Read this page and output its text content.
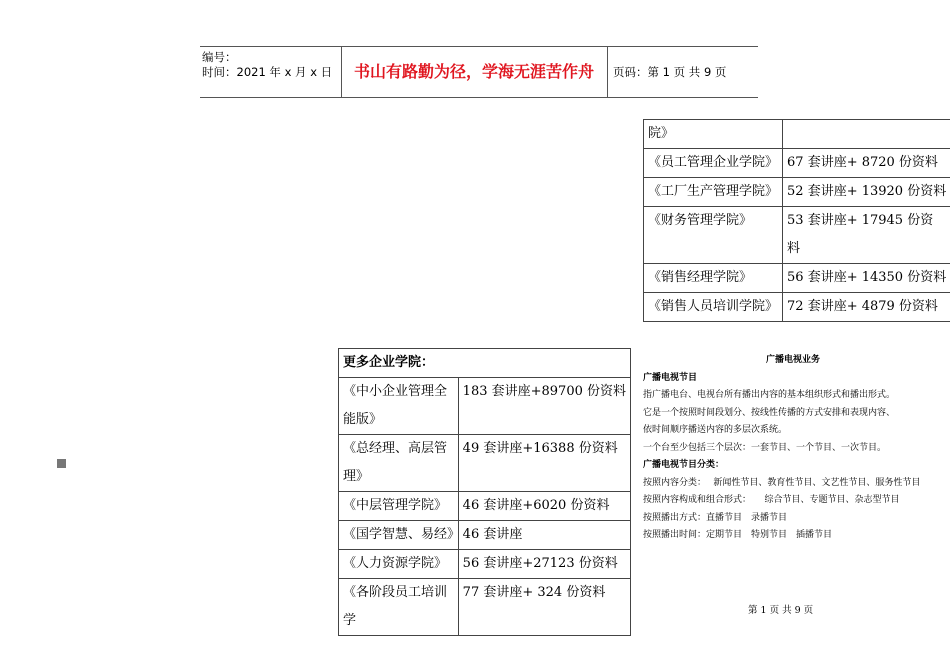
编号：
时间：2021 年 x 月 x 日	书山有路勤为径，学海无涯苦作舟	页码：第 1 页 共 9 页
院》	
《员工管理企业学院》	67 套讲座+ 8720 份资料
《工厂生产管理学院》	52 套讲座+ 13920 份资料
《财务管理学院》	53 套讲座+ 17945 份资
料

《销售经理学院》	56 套讲座+ 14350 份资料
《销售人员培训学院》	72 套讲座+ 4879 份资料
更多企业学院：	
《中小企业管理全能版》	183 套讲座+89700 份资料
《总经理、高层管理》	49 套讲座+16388 份资料
《中层管理学院》	46 套讲座+6020 份资料
《国学智慧、易经》	46 套讲座
《人力资源学院》	56 套讲座+27123 份资料
《各阶段员工培训学	77 套讲座+ 324 份资料
广播电视业务
广播电视节目
指广播电台、电视台所有播出内容的基本组织形式和播出形式。
它是一个按照时间段划分、按线性传播的方式安排和表现内容、
依时间顺序播送内容的多层次系统。
一个台至少包括三个层次：一套节目、一个节目、一次节目。
广播电视节目分类：
按照内容分类：　 新闻性节目、教育性节目、文艺性节目、服务性节目
按照内容构成和组合形式：　　综合节目、专题节目、杂志型节目
按照播出方式：直播节目　录播节目
按照播出时间：定期节目　特别节目　插播节目
第 1 页 共 9 页
